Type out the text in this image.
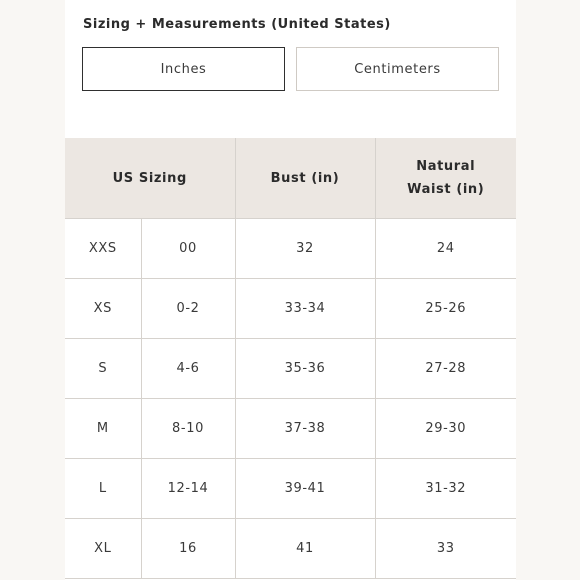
Sizing + Measurements (United States)
Inches	Centimeters
US Sizing		Bust (in)	Natural
Waist (in)

XXS	00	32	24
XS	0-2	33-34	25-26
S	4-6	35-36	27-28
M	8-10	37-38	29-30
L	12-14	39-41	31-32
XL	16	41	33
